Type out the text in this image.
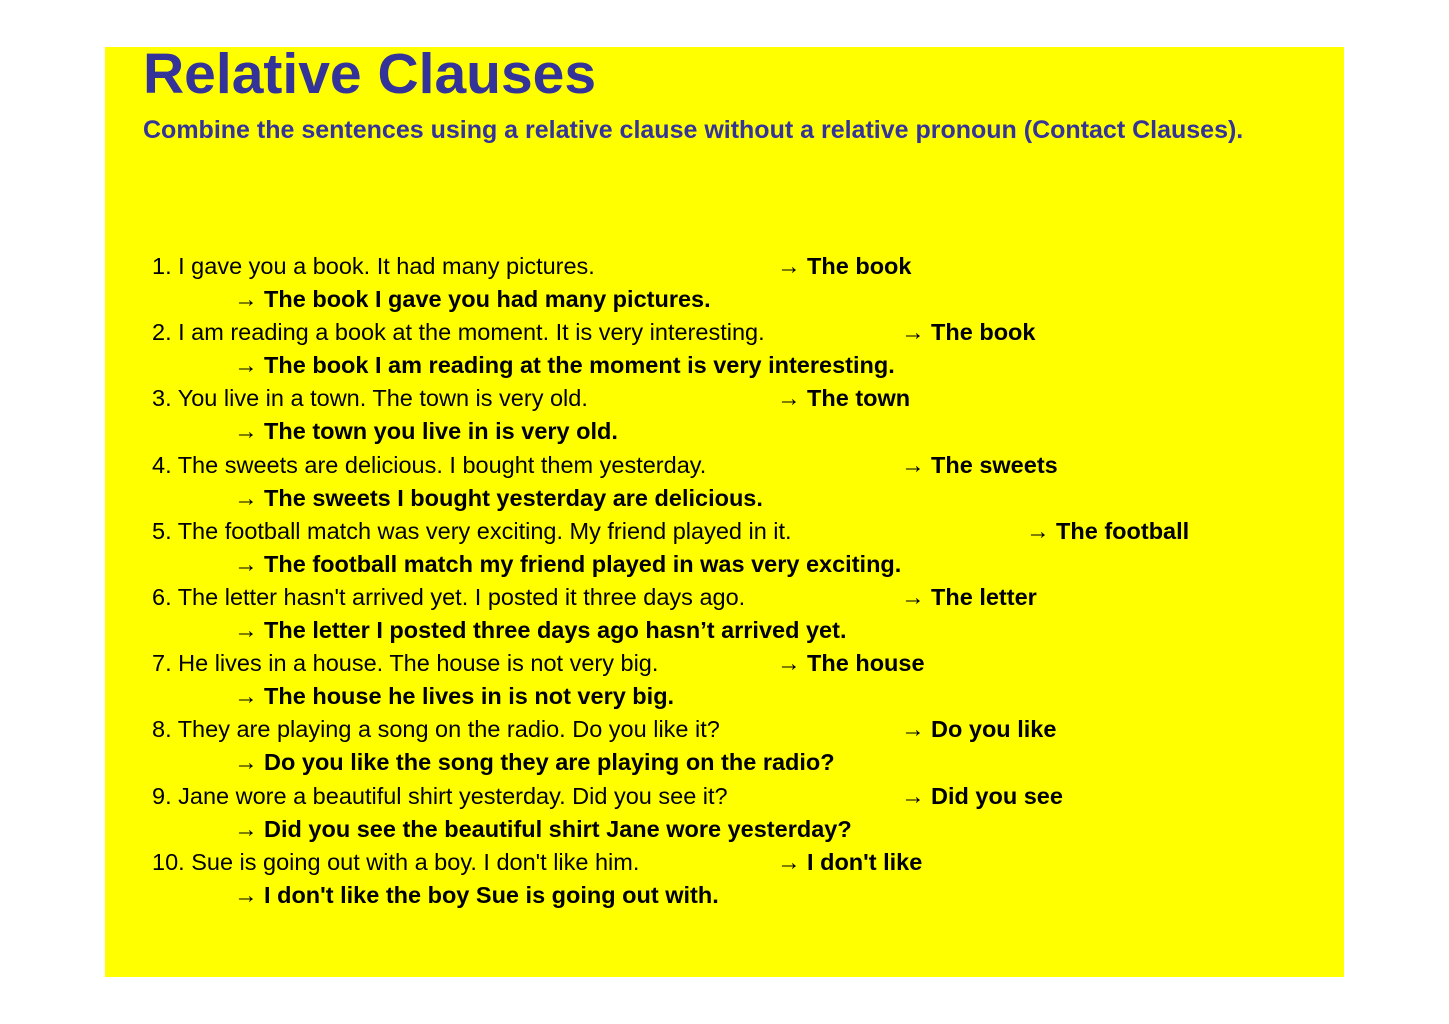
Relative Clauses

Combine the sentences using a relative clause without a relative pronoun (Contact Clauses).

1. I gave you a book. It had many pictures.	→ The book
→ The book I gave you had many pictures.
2. I am reading a book at the moment. It is very interesting.	→ The book
→ The book I am reading at the moment is very interesting.
3. You live in a town. The town is very old.	→ The town
→ The town you live in is very old.
4. The sweets are delicious. I bought them yesterday.	→ The sweets
→ The sweets I bought yesterday are delicious.
5. The football match was very exciting. My friend played in it.	→ The football
→ The football match my friend played in was very exciting.
6. The letter hasn't arrived yet. I posted it three days ago.	→ The letter
→ The letter I posted three days ago hasn’t arrived yet.
7. He lives in a house. The house is not very big.	→ The house
→ The house he lives in is not very big.
8. They are playing a song on the radio. Do you like it?	→ Do you like
→ Do you like the song they are playing on the radio?
9. Jane wore a beautiful shirt yesterday. Did you see it?	→ Did you see
→ Did you see the beautiful shirt Jane wore yesterday?
10. Sue is going out with a boy. I don't like him.	→ I don't like
→ I don't like the boy Sue is going out with.
